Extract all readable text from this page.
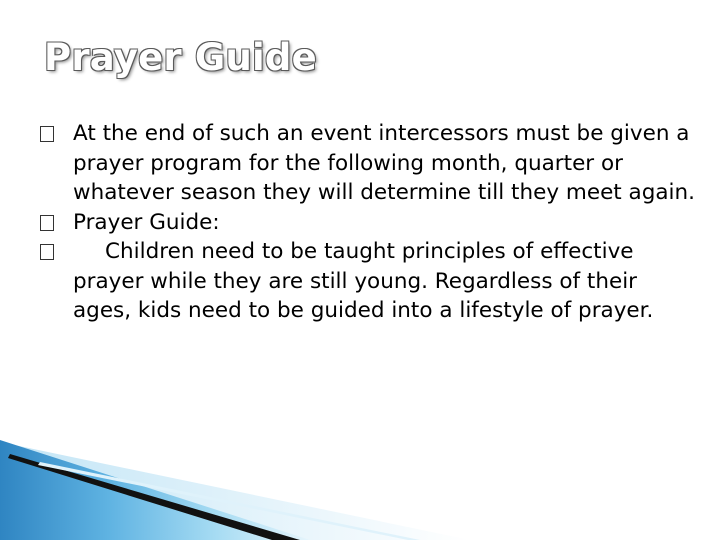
Prayer Guide
At the end of such an event intercessors must be given a prayer program for the following month, quarter or whatever season they will determine till they meet again.
Prayer Guide:
Children need to be taught principles of effective prayer while they are still young. Regardless of their ages, kids need to be guided into a lifestyle of prayer.
